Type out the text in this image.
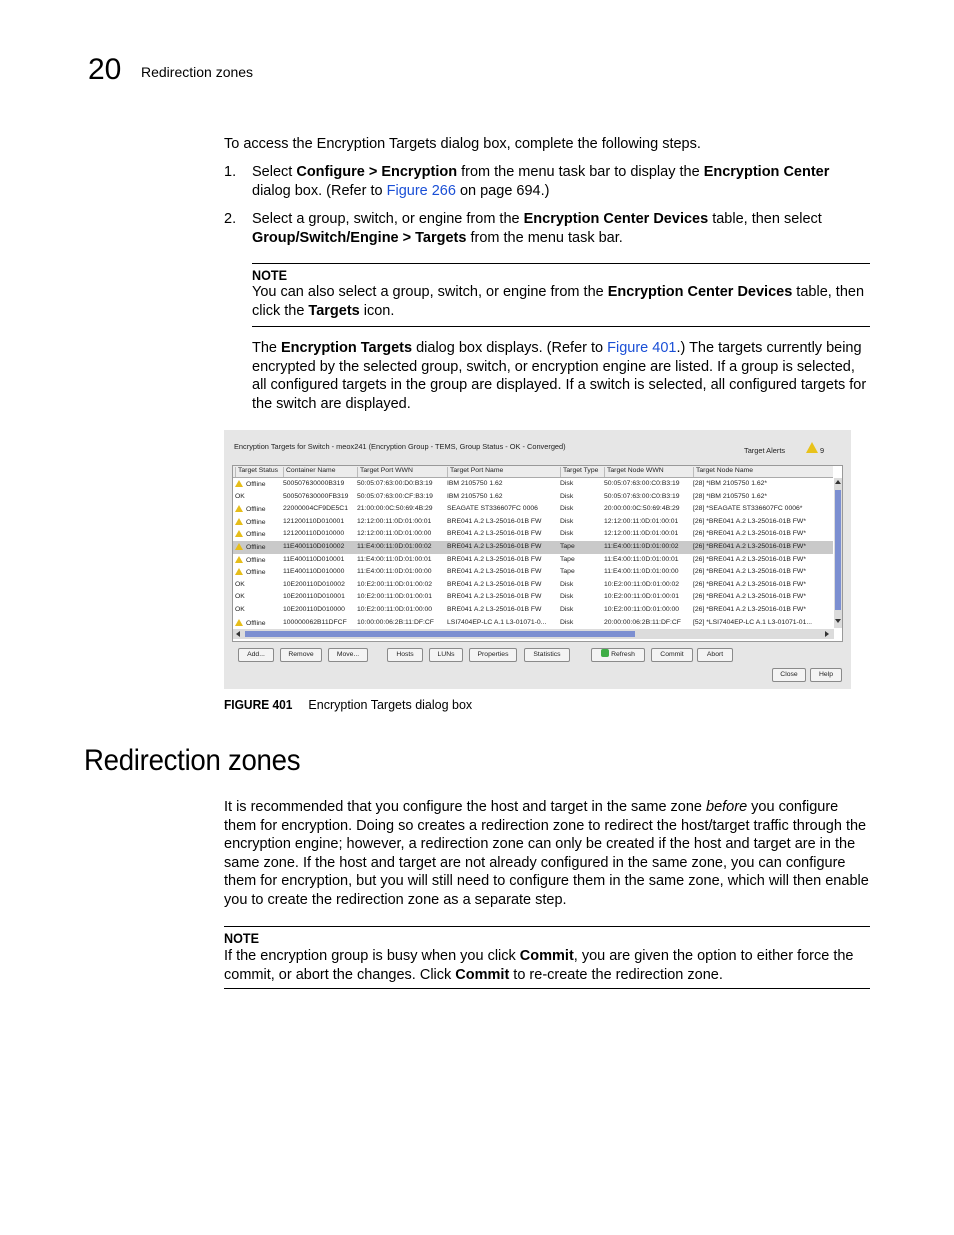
20 Redirection zones

To access the Encryption Targets dialog box, complete the following steps.

1. Select Configure > Encryption from the menu task bar to display the Encryption Center
dialog box. (Refer to Figure 266 on page 694.)

2. Select a group, switch, or engine from the Encryption Center Devices table, then select
Group/Switch/Engine > Targets from the menu task bar.

NOTE

You can also select a group, switch, or engine from the Encryption Center Devices table, then click the Targets icon.

The Encryption Targets dialog box displays. (Refer to Figure 401.) The targets currently being encrypted by the selected group, switch, or encryption engine are listed. If a group is selected, all configured targets in the group are displayed. If a switch is selected, all configured targets for the switch are displayed.

Encryption Targets for Switch - meox241 (Encryption Group - TEMS, Group Status - OK - Converged)	Target Alerts	9
Target Status	Container Name	Target Port WWN	Target Port Name	Target Type	Target Node WWN	Target Node Name
Offline	500507630000B319	50:05:07:63:00:D0:B3:19	IBM 2105750 1.62	Disk	50:05:07:63:00:C0:B3:19	[28] *IBM 2105750 1.62*
OK	500507630000FB319	50:05:07:63:00:CF:B3:19	IBM 2105750 1.62	Disk	50:05:07:63:00:C0:B3:19	[28] *IBM 2105750 1.62*
Offline	22000004CF9DE5C1	21:00:00:0C:50:69:4B:29	SEAGATE ST336607FC 0006	Disk	20:00:00:0C:50:69:4B:29	[28] *SEAGATE ST336607FC 0006*
Offline	121200110D010001	12:12:00:11:0D:01:00:01	BRE041 A.2 L3-25016-01B FW	Disk	12:12:00:11:0D:01:00:01	[26] *BRE041 A.2 L3-25016-01B FW*
Offline	121200110D010000	12:12:00:11:0D:01:00:00	BRE041 A.2 L3-25016-01B FW	Disk	12:12:00:11:0D:01:00:01	[26] *BRE041 A.2 L3-25016-01B FW*
Offline	11E400110D010002	11:E4:00:11:0D:01:00:02	BRE041 A.2 L3-25016-01B FW	Tape	11:E4:00:11:0D:01:00:02	[26] *BRE041 A.2 L3-25016-01B FW*
Offline	11E400110D010001	11:E4:00:11:0D:01:00:01	BRE041 A.2 L3-25016-01B FW	Tape	11:E4:00:11:0D:01:00:01	[26] *BRE041 A.2 L3-25016-01B FW*
Offline	11E400110D010000	11:E4:00:11:0D:01:00:00	BRE041 A.2 L3-25016-01B FW	Tape	11:E4:00:11:0D:01:00:00	[26] *BRE041 A.2 L3-25016-01B FW*
OK	10E200110D010002	10:E2:00:11:0D:01:00:02	BRE041 A.2 L3-25016-01B FW	Disk	10:E2:00:11:0D:01:00:02	[26] *BRE041 A.2 L3-25016-01B FW*
OK	10E200110D010001	10:E2:00:11:0D:01:00:01	BRE041 A.2 L3-25016-01B FW	Disk	10:E2:00:11:0D:01:00:01	[26] *BRE041 A.2 L3-25016-01B FW*
OK	10E200110D010000	10:E2:00:11:0D:01:00:00	BRE041 A.2 L3-25016-01B FW	Disk	10:E2:00:11:0D:01:00:00	[26] *BRE041 A.2 L3-25016-01B FW*
Offline	100000062B11DFCF	10:00:00:06:2B:11:DF:CF	LSI7404EP-LC A.1 L3-01071-0...	Disk	20:00:00:06:2B:11:DF:CF	[52] *LSI7404EP-LC A.1 L3-01071-01...
Add...	Remove	Move...	Hosts	LUNs	Properties	Statistics	Refresh	Commit	Abort
Close	Help
FIGURE 401 Encryption Targets dialog box
Redirection zones

It is recommended that you configure the host and target in the same zone before you configure them for encryption. Doing so creates a redirection zone to redirect the host/target traffic through the encryption engine; however, a redirection zone can only be created if the host and target are in the same zone. If the host and target are not already configured in the same zone, you can configure them for encryption, but you will still need to configure them in the same zone, which will then enable you to create the redirection zone as a separate step.

NOTE

If the encryption group is busy when you click Commit, you are given the option to either force the commit, or abort the changes. Click Commit to re-create the redirection zone.
